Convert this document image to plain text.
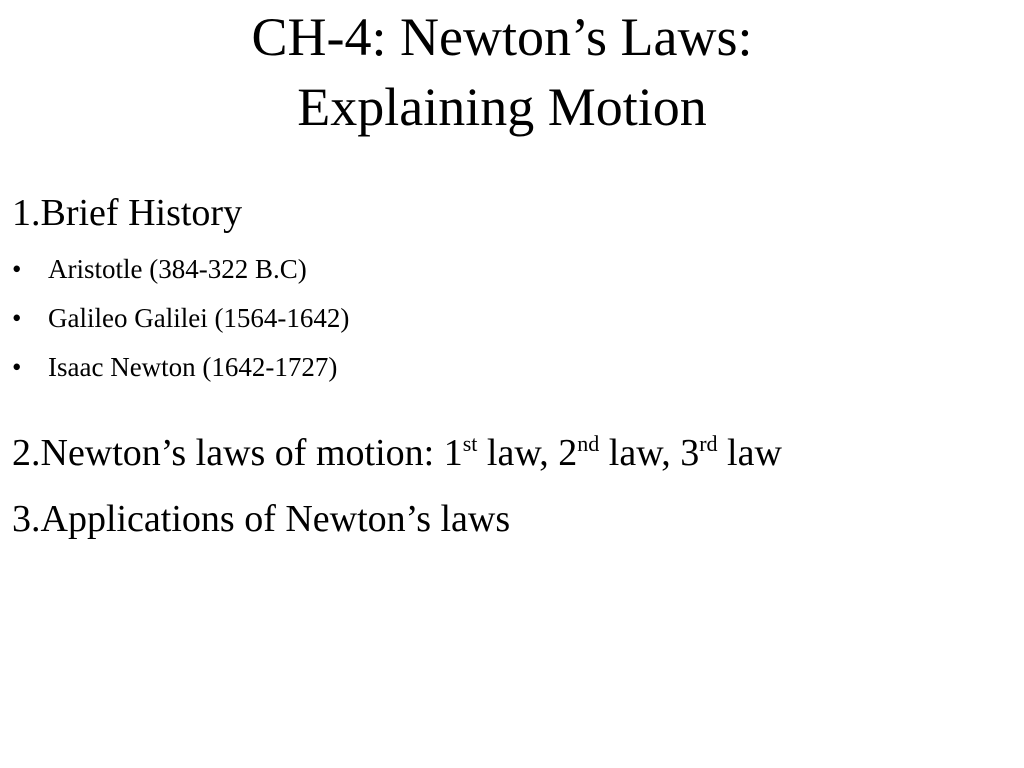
CH-4: Newton’s Laws:
Explaining Motion

1.Brief History

• Aristotle (384-322 B.C)
• Galileo Galilei (1564-1642)
• Isaac Newton (1642-1727)

2.Newton’s laws of motion: 1st law, 2nd law, 3rd law

3.Applications of Newton’s laws
